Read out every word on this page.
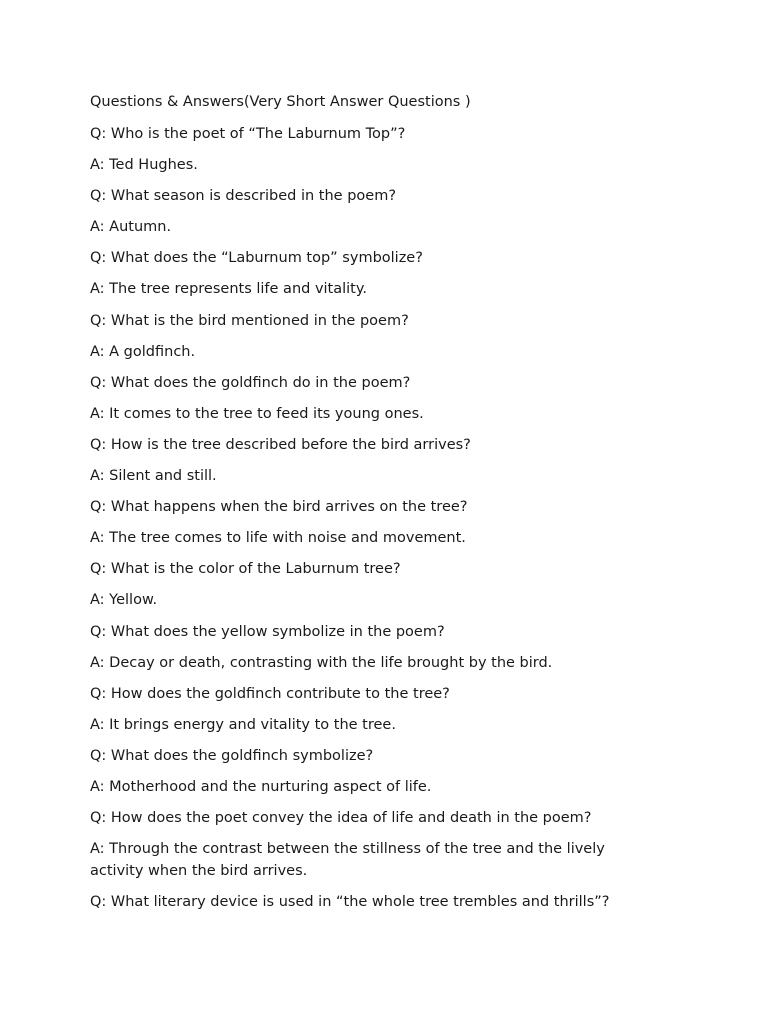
Questions & Answers(Very Short Answer Questions )
Q: Who is the poet of “The Laburnum Top”?
A: Ted Hughes.
Q: What season is described in the poem?
A: Autumn.
Q: What does the “Laburnum top” symbolize?
A: The tree represents life and vitality.
Q: What is the bird mentioned in the poem?
A: A goldfinch.
Q: What does the goldfinch do in the poem?
A: It comes to the tree to feed its young ones.
Q: How is the tree described before the bird arrives?
A: Silent and still.
Q: What happens when the bird arrives on the tree?
A: The tree comes to life with noise and movement.
Q: What is the color of the Laburnum tree?
A: Yellow.
Q: What does the yellow symbolize in the poem?
A: Decay or death, contrasting with the life brought by the bird.
Q: How does the goldfinch contribute to the tree?
A: It brings energy and vitality to the tree.
Q: What does the goldfinch symbolize?
A: Motherhood and the nurturing aspect of life.
Q: How does the poet convey the idea of life and death in the poem?
A: Through the contrast between the stillness of the tree and the lively activity when the bird arrives.
Q: What literary device is used in “the whole tree trembles and thrills”?
